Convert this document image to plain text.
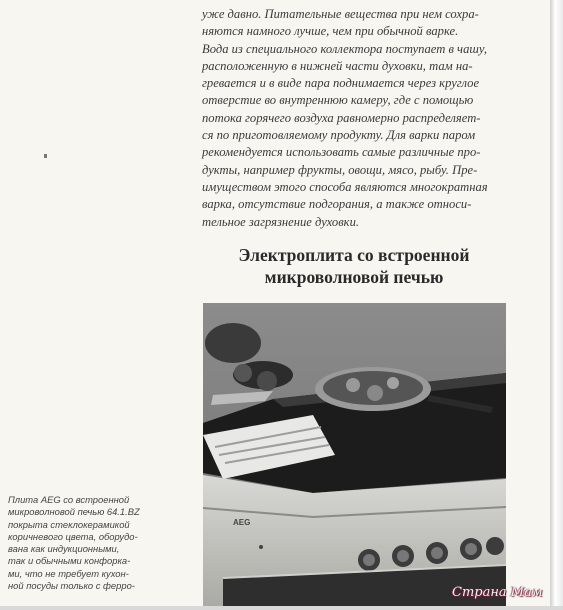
уже давно. Питательные вещества при нем сохра-
няются намного лучше, чем при обычной варке.
Вода из специального коллектора поступает в чашу,
расположенную в нижней части духовки, там на-
гревается и в виде пара поднимается через круглое
отверстие во внутреннюю камеру, где с помощью
потока горячего воздуха равномерно распределяет-
ся по приготовляемому продукту. Для варки паром
рекомендуется использовать самые различные про-
дукты, например фрукты, овощи, мясо, рыбу. Пре-
имуществом этого способа являются многократная
варка, отсутствие подгорания, а также относи-
тельное загрязнение духовки.

Электроплита со встроенной
микроволновой печью
AEG

Плита AEG со встроенной
микроволновой печью 64.1.BZ
покрыта стеклокерамикой
коричневого цвета, оборудо-
вана как индукционными,
так и обычными конфорка-
ми, что не требует кухон-
ной посуды только с ферро-	Страна Мам
